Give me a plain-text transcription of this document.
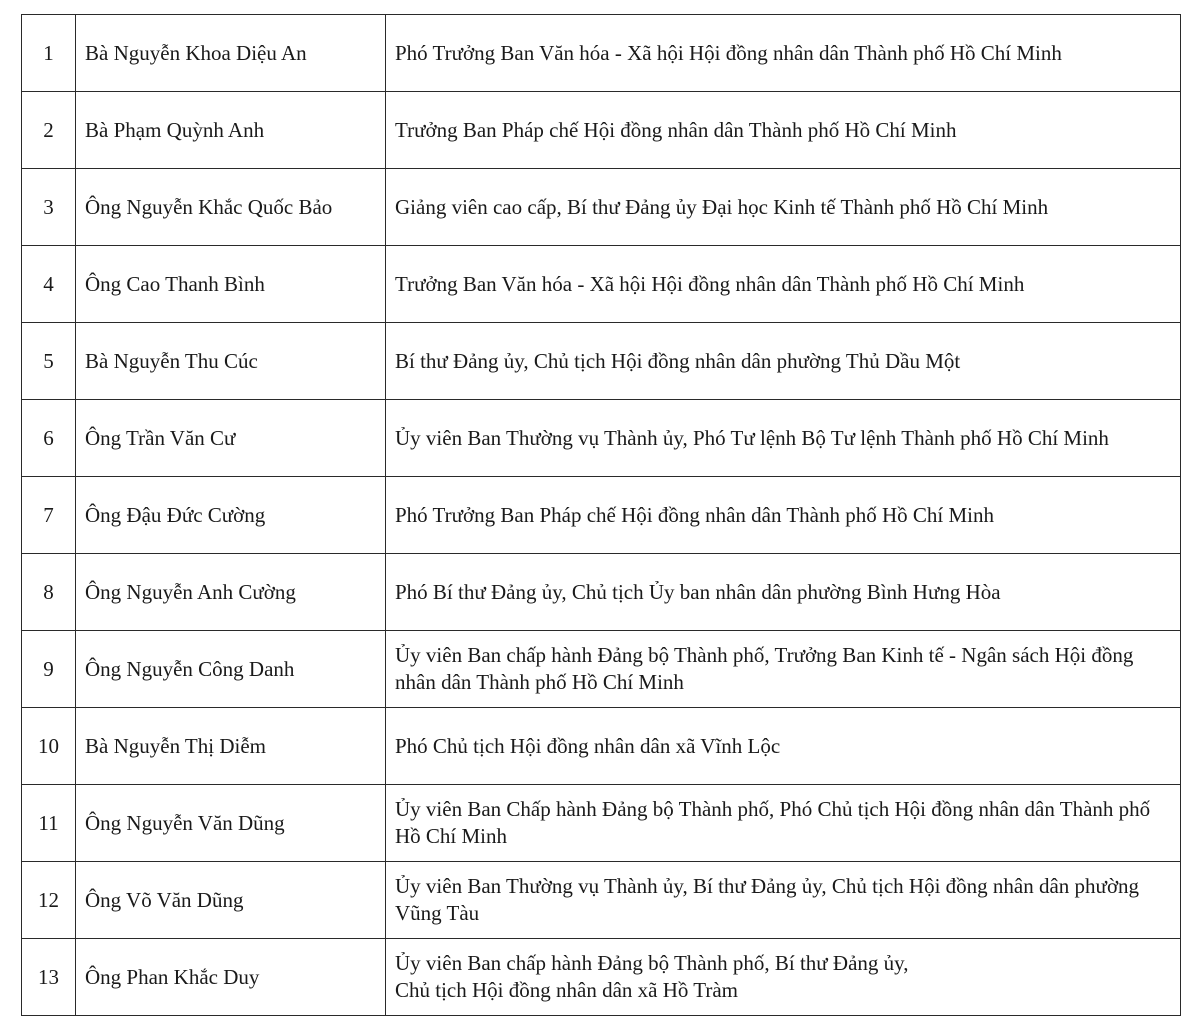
1	Bà Nguyễn Khoa Diệu An	Phó Trưởng Ban Văn hóa - Xã hội Hội đồng nhân dân Thành phố Hồ Chí Minh
2	Bà Phạm Quỳnh Anh	Trưởng Ban Pháp chế Hội đồng nhân dân Thành phố Hồ Chí Minh
3	Ông Nguyễn Khắc Quốc Bảo	Giảng viên cao cấp, Bí thư Đảng ủy Đại học Kinh tế Thành phố Hồ Chí Minh
4	Ông Cao Thanh Bình	Trưởng Ban Văn hóa - Xã hội Hội đồng nhân dân Thành phố Hồ Chí Minh
5	Bà Nguyễn Thu Cúc	Bí thư Đảng ủy, Chủ tịch Hội đồng nhân dân phường Thủ Dầu Một
6	Ông Trần Văn Cư	Ủy viên Ban Thường vụ Thành ủy, Phó Tư lệnh Bộ Tư lệnh Thành phố Hồ Chí Minh
7	Ông Đậu Đức Cường	Phó Trưởng Ban Pháp chế Hội đồng nhân dân Thành phố Hồ Chí Minh
8	Ông Nguyễn Anh Cường	Phó Bí thư Đảng ủy, Chủ tịch Ủy ban nhân dân phường Bình Hưng Hòa
9	Ông Nguyễn Công Danh	Ủy viên Ban chấp hành Đảng bộ Thành phố, Trưởng Ban Kinh tế - Ngân sách Hội đồng nhân dân Thành phố Hồ Chí Minh
10	Bà Nguyễn Thị Diễm	Phó Chủ tịch Hội đồng nhân dân xã Vĩnh Lộc
11	Ông Nguyễn Văn Dũng	Ủy viên Ban Chấp hành Đảng bộ Thành phố, Phó Chủ tịch Hội đồng nhân dân Thành phố Hồ Chí Minh
12	Ông Võ Văn Dũng	Ủy viên Ban Thường vụ Thành ủy, Bí thư Đảng ủy, Chủ tịch Hội đồng nhân dân phường Vũng Tàu
13	Ông Phan Khắc Duy	Ủy viên Ban chấp hành Đảng bộ Thành phố, Bí thư Đảng ủy,
Chủ tịch Hội đồng nhân dân xã Hồ Tràm
